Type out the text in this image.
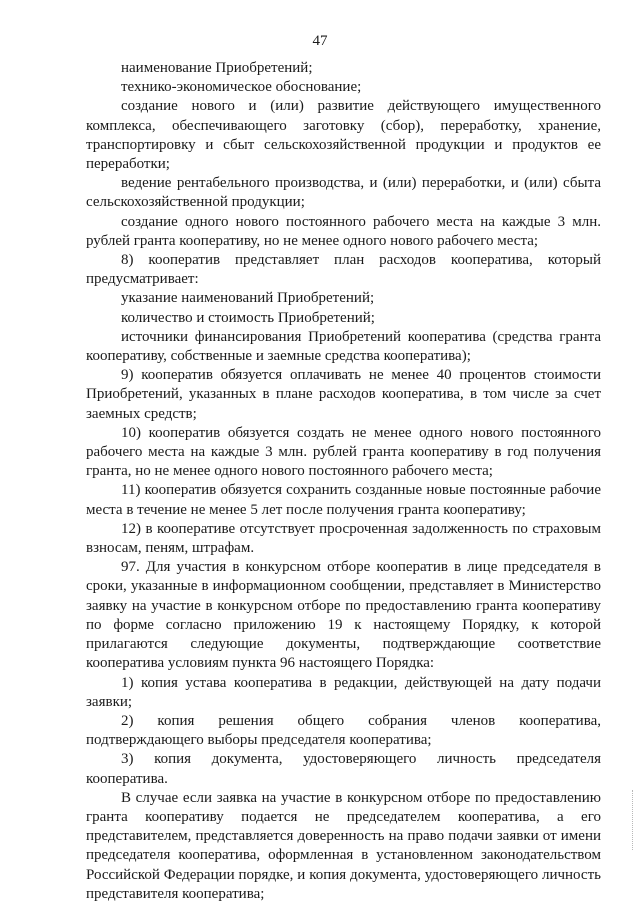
47

наименование Приобретений;

технико-экономическое обоснование;

создание нового и (или) развитие действующего имущественного комплекса, обеспечивающего заготовку (сбор), переработку, хранение, транспортировку и сбыт сельскохозяйственной продукции и продуктов ее переработки;

ведение рентабельного производства, и (или) переработки, и (или) сбыта сельскохозяйственной продукции;

создание одного нового постоянного рабочего места на каждые 3 млн. рублей гранта кооперативу, но не менее одного нового рабочего места;

8) кооператив представляет план расходов кооператива, который предусматривает:

указание наименований Приобретений;

количество и стоимость Приобретений;

источники финансирования Приобретений кооператива (средства гранта кооперативу, собственные и заемные средства кооператива);

9) кооператив обязуется оплачивать не менее 40 процентов стоимости Приобретений, указанных в плане расходов кооператива, в том числе за счет заемных средств;

10) кооператив обязуется создать не менее одного нового постоянного рабочего места на каждые 3 млн. рублей гранта кооперативу в год получения гранта, но не менее одного нового постоянного рабочего места;

11) кооператив обязуется сохранить созданные новые постоянные рабочие места в течение не менее 5 лет после получения гранта кооперативу;

12) в кооперативе отсутствует просроченная задолженность по страховым взносам, пеням, штрафам.

97. Для участия в конкурсном отборе кооператив в лице председателя в сроки, указанные в информационном сообщении, представляет в Министерство заявку на участие в конкурсном отборе по предоставлению гранта кооперативу по форме согласно приложению 19 к настоящему Порядку, к которой прилагаются следующие документы, подтверждающие соответствие кооператива условиям пункта 96 настоящего Порядка:

1) копия устава кооператива в редакции, действующей на дату подачи заявки;

2) копия решения общего собрания членов кооператива, подтверждающего выборы председателя кооператива;

3) копия документа, удостоверяющего личность председателя кооператива.

В случае если заявка на участие в конкурсном отборе по предоставлению гранта кооперативу подается не председателем кооператива, а его представителем, представляется доверенность на право подачи заявки от имени председателя кооператива, оформленная в установленном законодательством Российской Федерации порядке, и копия документа, удостоверяющего личность представителя кооператива;
